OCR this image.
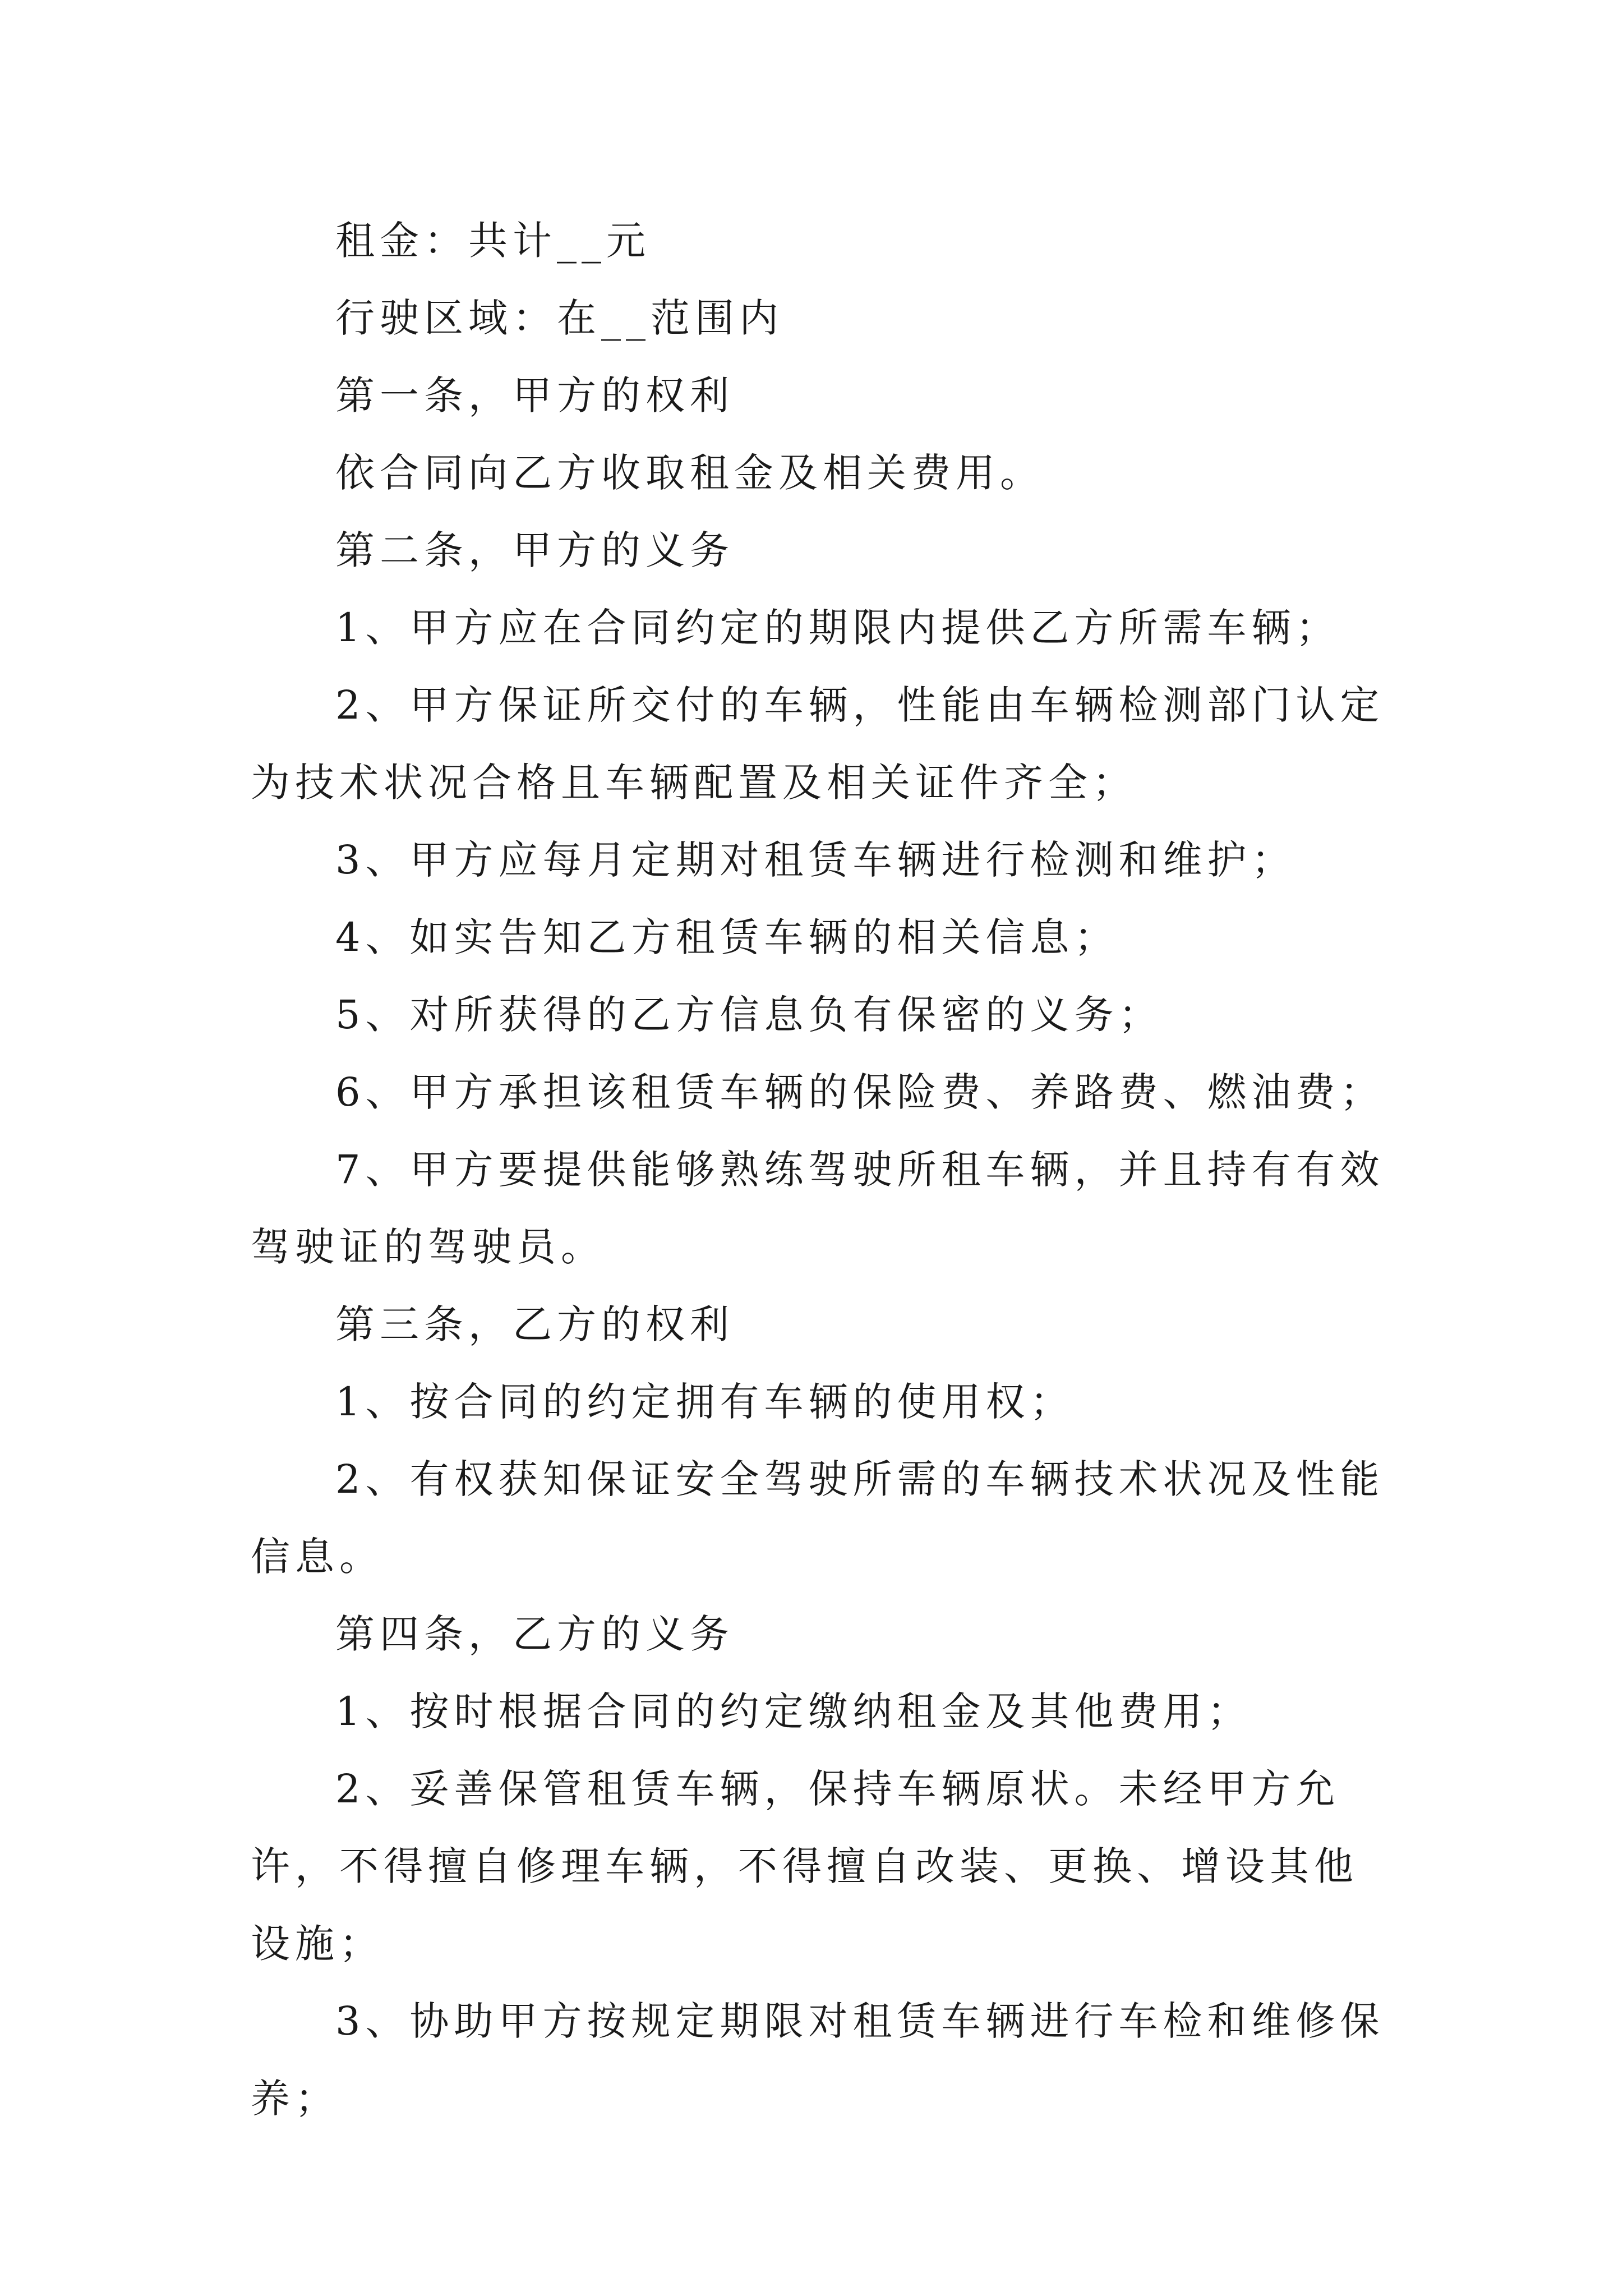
租金：共计__元

行驶区域：在__范围内

第一条，甲方的权利

依合同向乙方收取租金及相关费用。

第二条，甲方的义务

1、甲方应在合同约定的期限内提供乙方所需车辆；

2、甲方保证所交付的车辆，性能由车辆检测部门认定为技术状况合格且车辆配置及相关证件齐全；

3、甲方应每月定期对租赁车辆进行检测和维护；

4、如实告知乙方租赁车辆的相关信息；

5、对所获得的乙方信息负有保密的义务；

6、甲方承担该租赁车辆的保险费、养路费、燃油费；

7、甲方要提供能够熟练驾驶所租车辆，并且持有有效驾驶证的驾驶员。

第三条，乙方的权利

1、按合同的约定拥有车辆的使用权；

2、有权获知保证安全驾驶所需的车辆技术状况及性能信息。

第四条，乙方的义务

1、按时根据合同的约定缴纳租金及其他费用；

2、妥善保管租赁车辆，保持车辆原状。未经甲方允许，不得擅自修理车辆，不得擅自改装、更换、增设其他设施；

3、协助甲方按规定期限对租赁车辆进行车检和维修保养；
